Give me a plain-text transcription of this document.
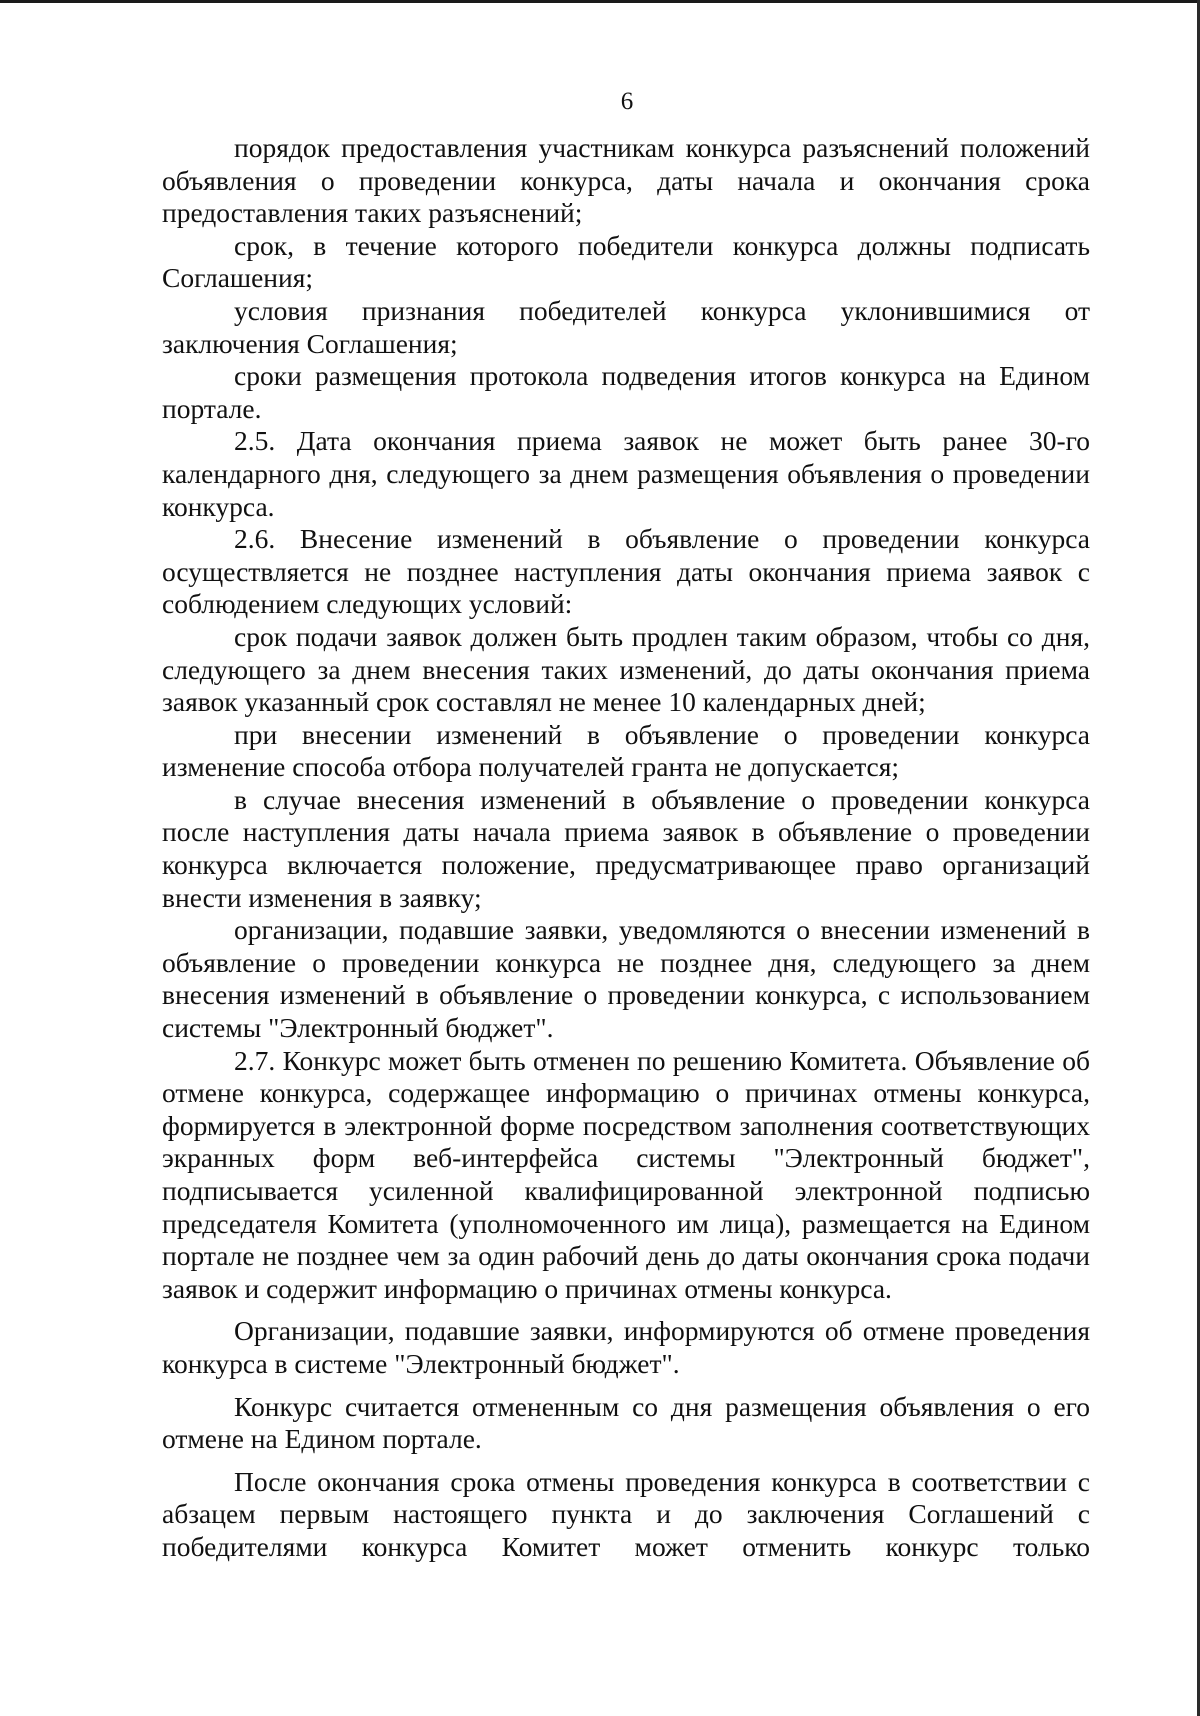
6

порядок предоставления участникам конкурса разъяснений положений объявления о проведении конкурса, даты начала и окончания срока предоставления таких разъяснений;

срок, в течение которого победители конкурса должны подписать Соглашения;

условия признания победителей конкурса уклонившимися от заключения Соглашения;

сроки размещения протокола подведения итогов конкурса на Едином портале.

2.5. Дата окончания приема заявок не может быть ранее 30-го календарного дня, следующего за днем размещения объявления о проведении конкурса.

2.6. Внесение изменений в объявление о проведении конкурса осуществляется не позднее наступления даты окончания приема заявок с соблюдением следующих условий:

срок подачи заявок должен быть продлен таким образом, чтобы со дня, следующего за днем внесения таких изменений, до даты окончания приема заявок указанный срок составлял не менее 10 календарных дней;

при внесении изменений в объявление о проведении конкурса изменение способа отбора получателей гранта не допускается;

в случае внесения изменений в объявление о проведении конкурса после наступления даты начала приема заявок в объявление о проведении конкурса включается положение, предусматривающее право организаций внести изменения в заявку;

организации, подавшие заявки, уведомляются о внесении изменений в объявление о проведении конкурса не позднее дня, следующего за днем внесения изменений в объявление о проведении конкурса, с использованием системы "Электронный бюджет".

2.7. Конкурс может быть отменен по решению Комитета. Объявление об отмене конкурса, содержащее информацию о причинах отмены конкурса, формируется в электронной форме посредством заполнения соответствующих экранных форм веб-интерфейса системы "Электронный бюджет", подписывается усиленной квалифицированной электронной подписью председателя Комитета (уполномоченного им лица), размещается на Едином портале не позднее чем за один рабочий день до даты окончания срока подачи заявок и содержит информацию о причинах отмены конкурса.

Организации, подавшие заявки, информируются об отмене проведения конкурса в системе "Электронный бюджет".

Конкурс считается отмененным со дня размещения объявления о его отмене на Едином портале.

После окончания срока отмены проведения конкурса в соответствии с абзацем первым настоящего пункта и до заключения Соглашений с победителями конкурса Комитет может отменить конкурс только
